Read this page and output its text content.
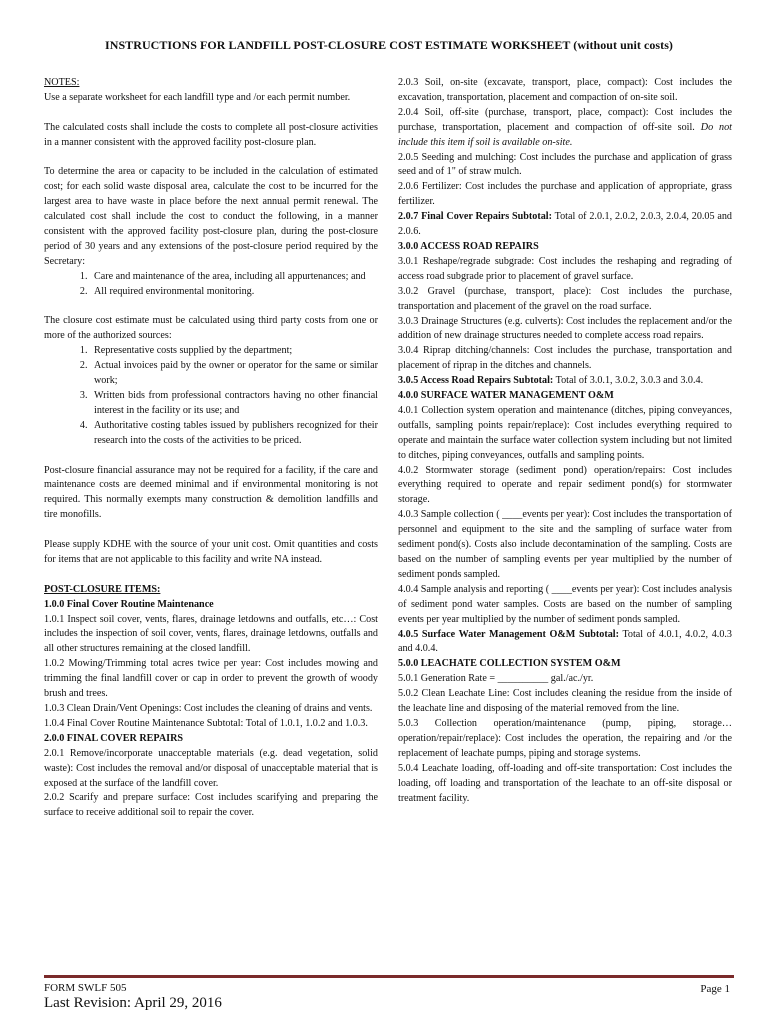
INSTRUCTIONS FOR LANDFILL POST-CLOSURE COST ESTIMATE WORKSHEET (without unit costs)

NOTES:

Use a separate worksheet for each landfill type and /or each permit number.

The calculated costs shall include the costs to complete all post-closure activities in a manner consistent with the approved facility post-closure plan.

To determine the area or capacity to be included in the calculation of estimated cost; for each solid waste disposal area, calculate the cost to be incurred for the largest area to have waste in place before the next annual permit renewal. The calculated cost shall include the cost to conduct the following, in a manner consistent with the approved facility post-closure plan, during the post-closure period of 30 years and any extensions of the post-closure period required by the Secretary:

1. Care and maintenance of the area, including all appurtenances; and
2. All required environmental monitoring.

The closure cost estimate must be calculated using third party costs from one or more of the authorized sources:

1. Representative costs supplied by the department;
2. Actual invoices paid by the owner or operator for the same or similar work;
3. Written bids from professional contractors having no other financial interest in the facility or its use; and
4. Authoritative costing tables issued by publishers recognized for their research into the costs of the activities to be priced.

Post-closure financial assurance may not be required for a facility, if the care and maintenance costs are deemed minimal and if environmental monitoring is not required. This normally exempts many construction & demolition landfills and tire monofills.

Please supply KDHE with the source of your unit cost. Omit quantities and costs for items that are not applicable to this facility and write NA instead.

POST-CLOSURE ITEMS:

1.0.0 Final Cover Routine Maintenance

1.0.1 Inspect soil cover, vents, flares, drainage letdowns and outfalls, etc…: Cost includes the inspection of soil cover, vents, flares, drainage letdowns, outfalls and all other structures remaining at the closed landfill.

1.0.2 Mowing/Trimming total acres twice per year: Cost includes mowing and trimming the final landfill cover or cap in order to prevent the growth of woody brush and trees.

1.0.3 Clean Drain/Vent Openings: Cost includes the cleaning of drains and vents.

1.0.4 Final Cover Routine Maintenance Subtotal: Total of 1.0.1, 1.0.2 and 1.0.3.

2.0.0 FINAL COVER REPAIRS

2.0.1 Remove/incorporate unacceptable materials (e.g. dead vegetation, solid waste): Cost includes the removal and/or disposal of unacceptable material that is exposed at the surface of the landfill cover.

2.0.2 Scarify and prepare surface: Cost includes scarifying and preparing the surface to receive additional soil to repair the cover.

2.0.3 Soil, on-site (excavate, transport, place, compact): Cost includes the excavation, transportation, placement and compaction of on-site soil.

2.0.4 Soil, off-site (purchase, transport, place, compact): Cost includes the purchase, transportation, placement and compaction of off-site soil. Do not include this item if soil is available on-site.

2.0.5 Seeding and mulching: Cost includes the purchase and application of grass seed and of 1" of straw mulch.

2.0.6 Fertilizer: Cost includes the purchase and application of appropriate, grass fertilizer.

2.0.7 Final Cover Repairs Subtotal: Total of 2.0.1, 2.0.2, 2.0.3, 2.0.4, 20.05 and 2.0.6.

3.0.0 ACCESS ROAD REPAIRS

3.0.1 Reshape/regrade subgrade: Cost includes the reshaping and regrading of access road subgrade prior to placement of gravel surface.

3.0.2 Gravel (purchase, transport, place): Cost includes the purchase, transportation and placement of the gravel on the road surface.

3.0.3 Drainage Structures (e.g. culverts): Cost includes the replacement and/or the addition of new drainage structures needed to complete access road repairs.

3.0.4 Riprap ditching/channels: Cost includes the purchase, transportation and placement of riprap in the ditches and channels.

3.0.5 Access Road Repairs Subtotal: Total of 3.0.1, 3.0.2, 3.0.3 and 3.0.4.

4.0.0 SURFACE WATER MANAGEMENT O&M

4.0.1 Collection system operation and maintenance (ditches, piping conveyances, outfalls, sampling points repair/replace): Cost includes everything required to operate and maintain the surface water collection system including but not limited to ditches, piping conveyances, outfalls and sampling points.

4.0.2 Stormwater storage (sediment pond) operation/repairs: Cost includes everything required to operate and repair sediment pond(s) for stormwater storage.

4.0.3 Sample collection ( ____events per year): Cost includes the transportation of personnel and equipment to the site and the sampling of surface water from sediment pond(s). Costs also include decontamination of the sampling. Costs are based on the number of sampling events per year multiplied by the number of sediment ponds sampled.

4.0.4 Sample analysis and reporting ( ____events per year): Cost includes analysis of sediment pond water samples. Costs are based on the number of sampling events per year multiplied by the number of sediment ponds sampled.

4.0.5 Surface Water Management O&M Subtotal: Total of 4.0.1, 4.0.2, 4.0.3 and 4.0.4.

5.0.0 LEACHATE COLLECTION SYSTEM O&M

5.0.1 Generation Rate = __________ gal./ac./yr.

5.0.2 Clean Leachate Line: Cost includes cleaning the residue from the inside of the leachate line and disposing of the material removed from the line.

5.0.3 Collection operation/maintenance (pump, piping, storage…operation/repair/replace): Cost includes the operation, the repairing and /or the replacement of leachate pumps, piping and storage systems.

5.0.4 Leachate loading, off-loading and off-site transportation: Cost includes the loading, off loading and transportation of the leachate to an off-site disposal or treatment facility.

FORM SWLF 505
Last Revision: April 29, 2016
Page 1
